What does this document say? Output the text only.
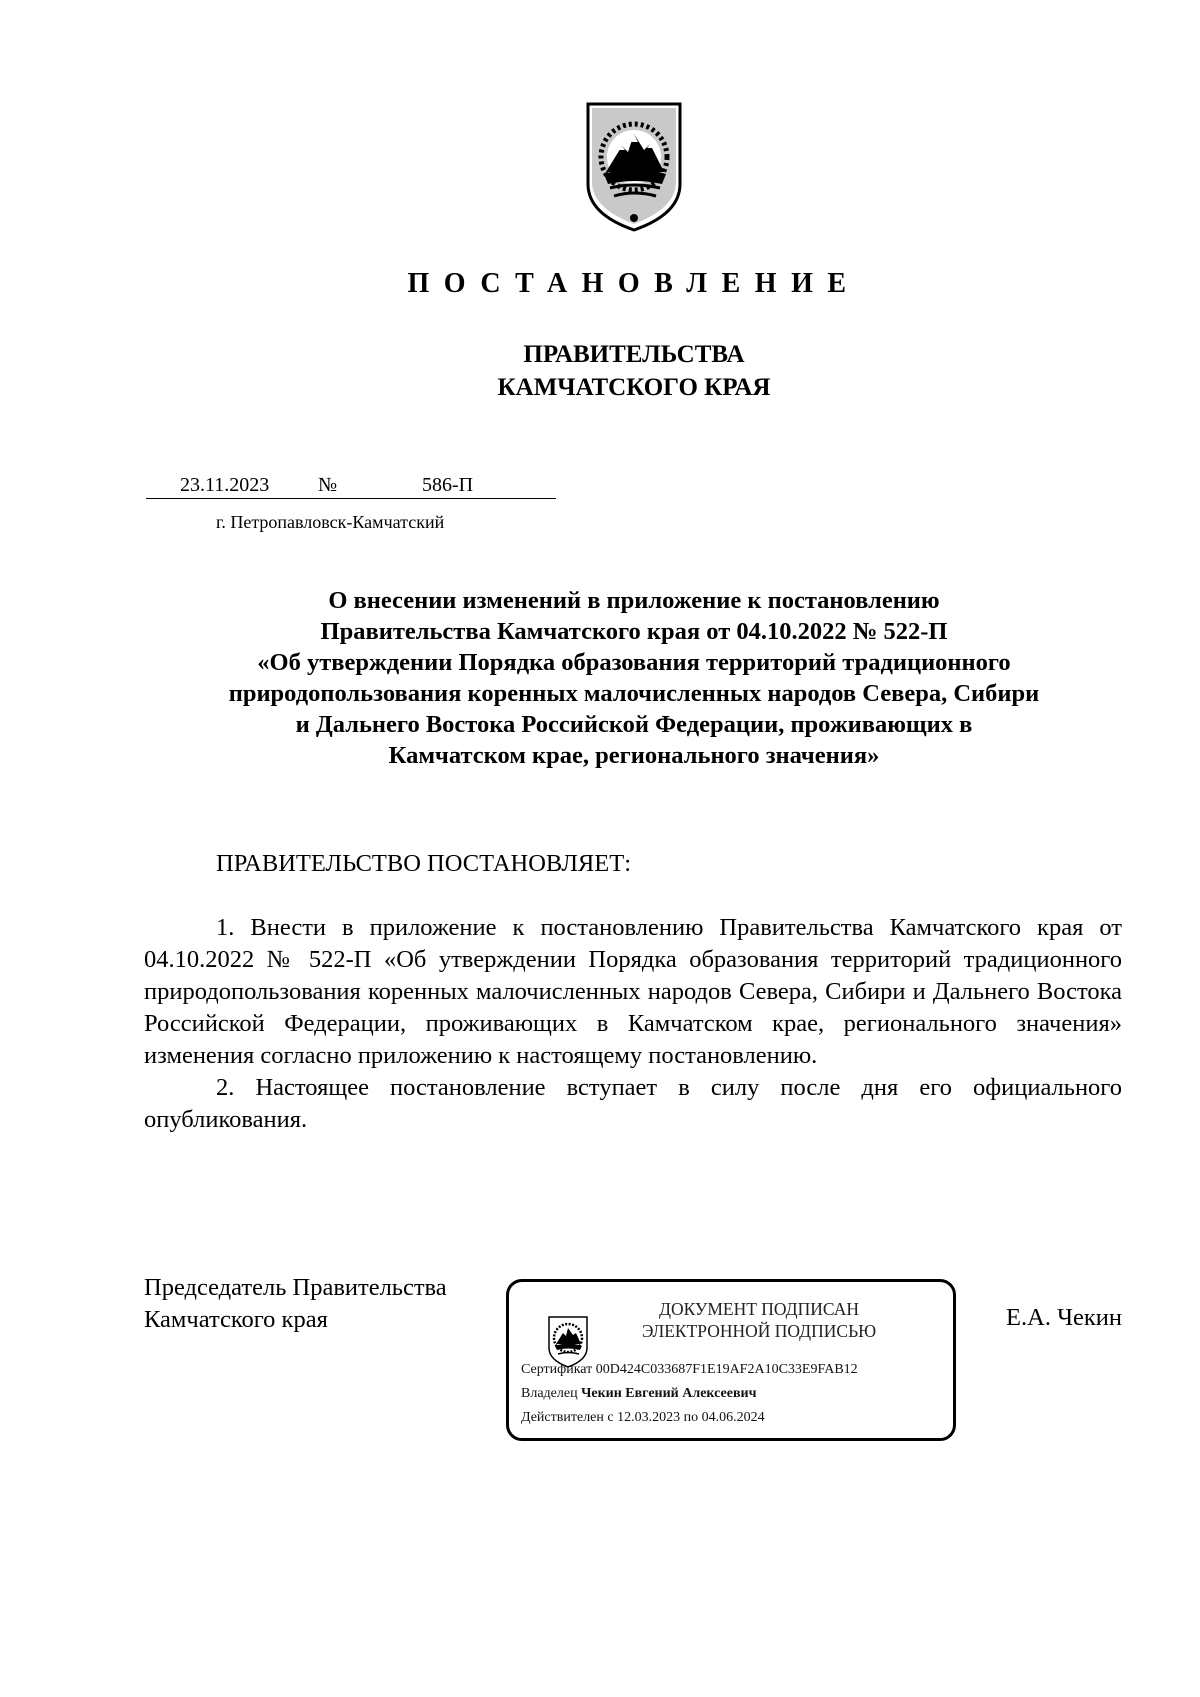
ПОСТАНОВЛЕНИЕ
ПРАВИТЕЛЬСТВА
КАМЧАТСКОГО КРАЯ
23.11.2023 №	586-П
г. Петропавловск-Камчатский
О внесении изменений в приложение к постановлению
Правительства Камчатского края от 04.10.2022 № 522-П
«Об утверждении Порядка образования территорий традиционного
природопользования коренных малочисленных народов Севера, Сибири
и Дальнего Востока Российской Федерации, проживающих в
Камчатском крае, регионального значения»
ПРАВИТЕЛЬСТВО ПОСТАНОВЛЯЕТ:

1. Внести в приложение к постановлению Правительства Камчатского края от 04.10.2022 № 522-П «Об утверждении Порядка образования территорий традиционного природопользования коренных малочисленных народов Севера, Сибири и Дальнего Востока Российской Федерации, проживающих в Камчатском крае, регионального значения» изменения согласно приложению к настоящему постановлению.

2. Настоящее постановление вступает в силу после дня его официального опубликования.

Председатель Правительства
Камчатского края	ДОКУМЕНТ ПОДПИСАН
ЭЛЕКТРОННОЙ ПОДПИСЬЮ
Сертификат 00D424C033687F1E19AF2A10C33E9FAB12
Владелец Чекин Евгений Алексеевич
Действителен с 12.03.2023 по 04.06.2024
Е.А. Чекин
